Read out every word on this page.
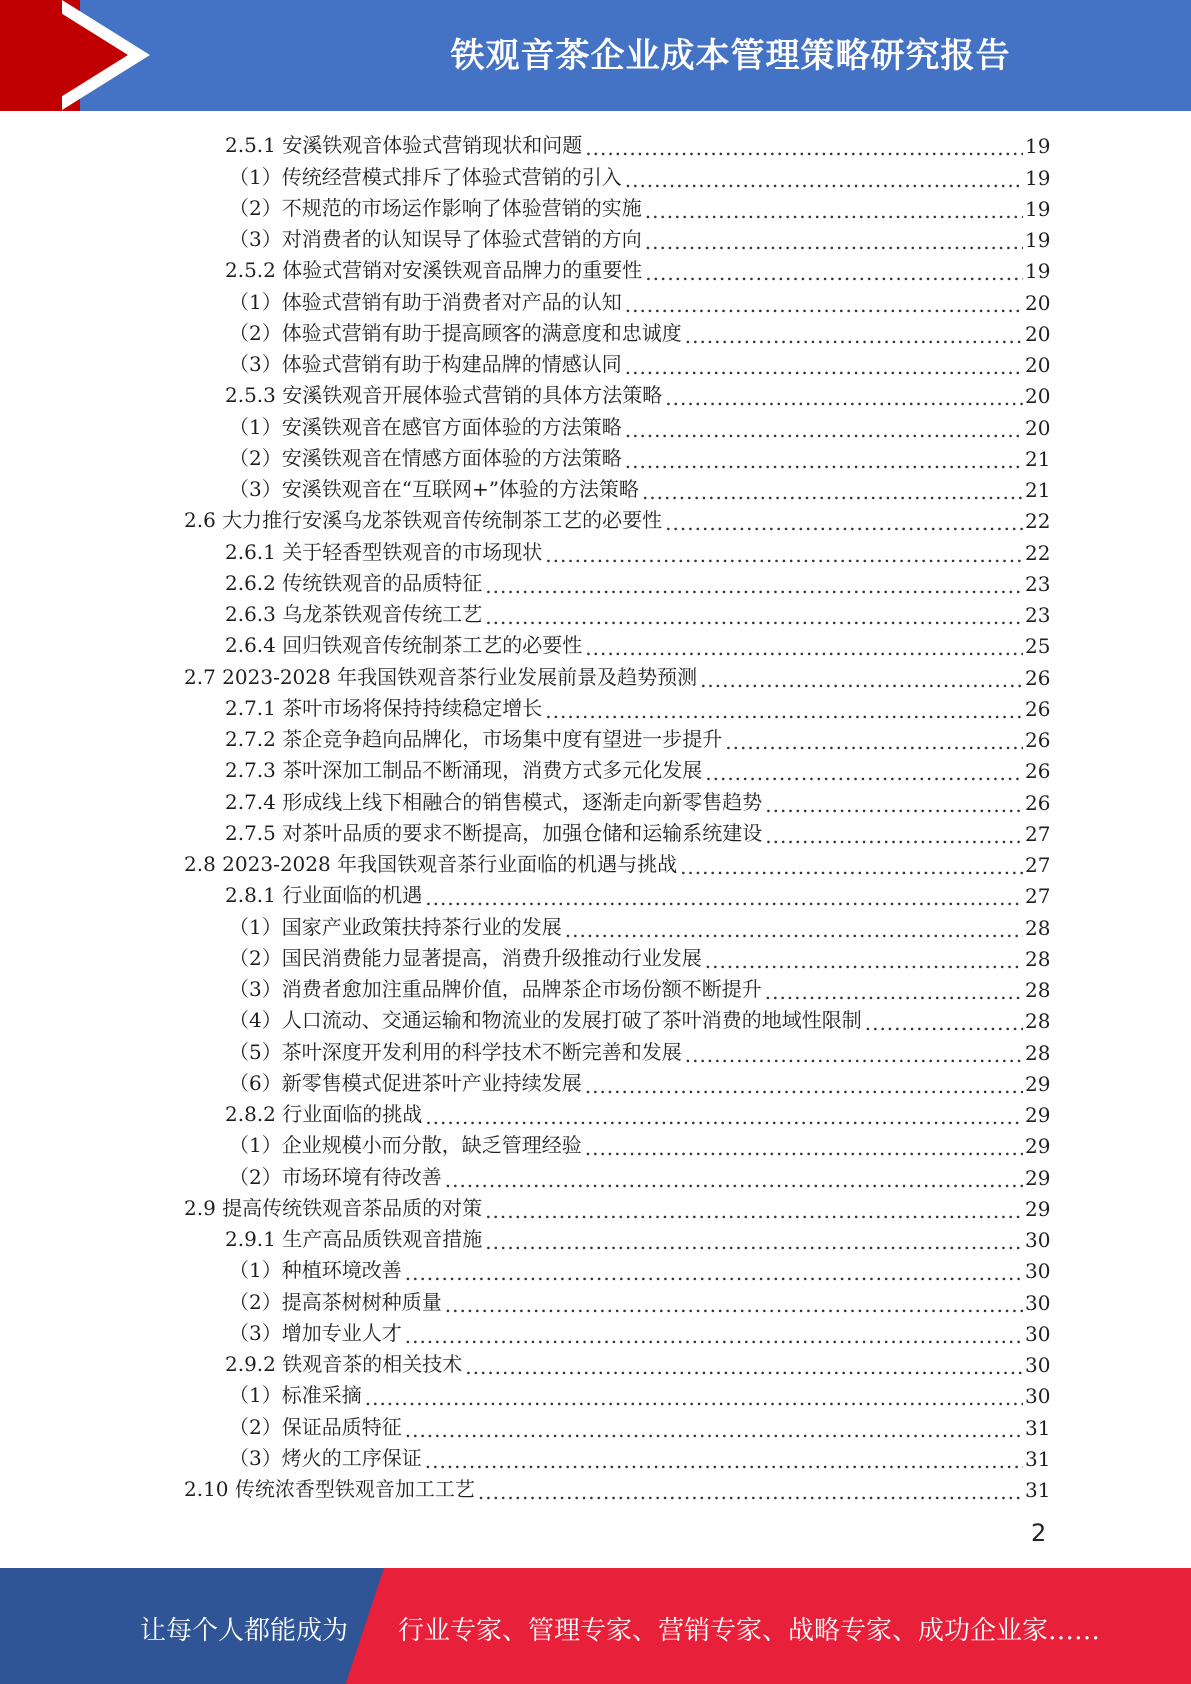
铁观音茶企业成本管理策略研究报告
2.5.1 安溪铁观音体验式营销现状和问题 .....	19
（1）传统经营模式排斥了体验式营销的引入 .....	19
（2）不规范的市场运作影响了体验营销的实施 .....	19
（3）对消费者的认知误导了体验式营销的方向 .....	19
2.5.2 体验式营销对安溪铁观音品牌力的重要性 .....	19
（1）体验式营销有助于消费者对产品的认知 .....	20
（2）体验式营销有助于提高顾客的满意度和忠诚度 .....	20
（3）体验式营销有助于构建品牌的情感认同 .....	20
2.5.3 安溪铁观音开展体验式营销的具体方法策略 .....	20
（1）安溪铁观音在感官方面体验的方法策略 .....	20
（2）安溪铁观音在情感方面体验的方法策略 .....	21
（3）安溪铁观音在“互联网+”体验的方法策略 .....	21
2.6 大力推行安溪乌龙茶铁观音传统制茶工艺的必要性 .....	22
2.6.1 关于轻香型铁观音的市场现状 .....	22
2.6.2 传统铁观音的品质特征 .....	23
2.6.3 乌龙茶铁观音传统工艺 .....	23
2.6.4 回归铁观音传统制茶工艺的必要性 .....	25
2.7 2023-2028 年我国铁观音茶行业发展前景及趋势预测 .....	26
2.7.1 茶叶市场将保持持续稳定增长 .....	26
2.7.2 茶企竞争趋向品牌化，市场集中度有望进一步提升 .....	26
2.7.3 茶叶深加工制品不断涌现，消费方式多元化发展 .....	26
2.7.4 形成线上线下相融合的销售模式，逐渐走向新零售趋势 .....	26
2.7.5 对茶叶品质的要求不断提高，加强仓储和运输系统建设 .....	27
2.8 2023-2028 年我国铁观音茶行业面临的机遇与挑战 .....	27
2.8.1 行业面临的机遇 .....	27
（1）国家产业政策扶持茶行业的发展 .....	28
（2）国民消费能力显著提高，消费升级推动行业发展 .....	28
（3）消费者愈加注重品牌价值，品牌茶企市场份额不断提升 .....	28
（4）人口流动、交通运输和物流业的发展打破了茶叶消费的地域性限制 .....	28
（5）茶叶深度开发利用的科学技术不断完善和发展 .....	28
（6）新零售模式促进茶叶产业持续发展 .....	29
2.8.2 行业面临的挑战 .....	29
（1）企业规模小而分散，缺乏管理经验 .....	29
（2）市场环境有待改善 .....	29
2.9 提高传统铁观音茶品质的对策 .....	29
2.9.1 生产高品质铁观音措施 .....	30
（1）种植环境改善 .....	30
（2）提高茶树树种质量 .....	30
（3）增加专业人才 .....	30
2.9.2 铁观音茶的相关技术 .....	30
（1）标准采摘 .....	30
（2）保证品质特征 .....	31
（3）烤火的工序保证 .....	31
2.10 传统浓香型铁观音加工工艺 .....	31
2
让每个人都能成为 行业专家、管理专家、营销专家、战略专家、成功企业家……
